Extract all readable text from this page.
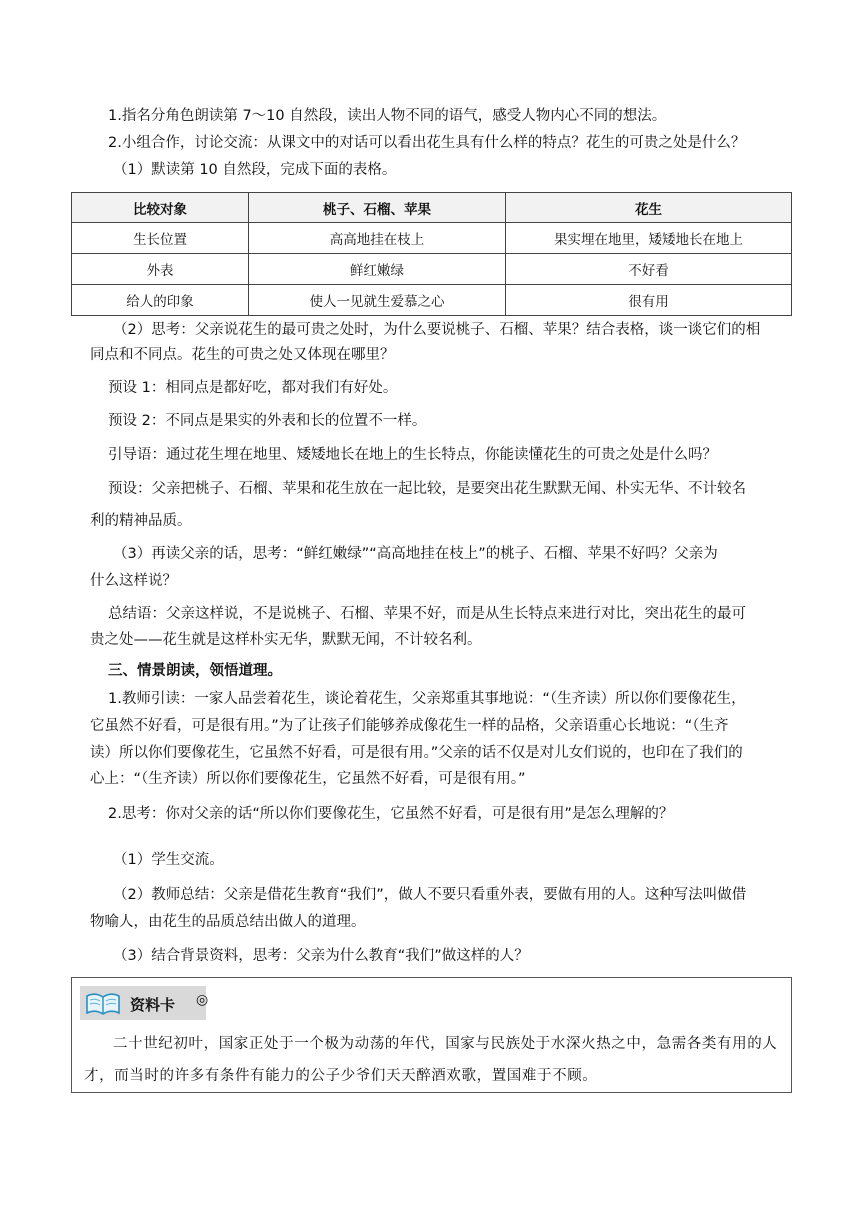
1.指名分角色朗读第 7～10 自然段，读出人物不同的语气，感受人物内心不同的想法。
2.小组合作，讨论交流：从课文中的对话可以看出花生具有什么样的特点？花生的可贵之处是什么？
（1）默读第 10 自然段，完成下面的表格。
比较对象	桃子、石榴、苹果	花生
生长位置	高高地挂在枝上	果实埋在地里，矮矮地长在地上
外表	鲜红嫩绿	不好看
给人的印象	使人一见就生爱慕之心	很有用
（2）思考：父亲说花生的最可贵之处时，为什么要说桃子、石榴、苹果？结合表格，谈一谈它们的相
同点和不同点。花生的可贵之处又体现在哪里？
预设 1：相同点是都好吃，都对我们有好处。
预设 2：不同点是果实的外表和长的位置不一样。
引导语：通过花生埋在地里、矮矮地长在地上的生长特点，你能读懂花生的可贵之处是什么吗？
预设：父亲把桃子、石榴、苹果和花生放在一起比较，是要突出花生默默无闻、朴实无华、不计较名
利的精神品质。
（3）再读父亲的话，思考：“鲜红嫩绿”“高高地挂在枝上”的桃子、石榴、苹果不好吗？父亲为
什么这样说？
总结语：父亲这样说，不是说桃子、石榴、苹果不好，而是从生长特点来进行对比，突出花生的最可
贵之处——花生就是这样朴实无华，默默无闻，不计较名利。
三、情景朗读，领悟道理。
1.教师引读：一家人品尝着花生，谈论着花生，父亲郑重其事地说：“（生齐读）所以你们要像花生，
它虽然不好看，可是很有用。”为了让孩子们能够养成像花生一样的品格，父亲语重心长地说：“（生齐
读）所以你们要像花生，它虽然不好看，可是很有用。”父亲的话不仅是对儿女们说的，也印在了我们的
心上：“（生齐读）所以你们要像花生，它虽然不好看，可是很有用。”
2.思考：你对父亲的话“所以你们要像花生，它虽然不好看，可是很有用”是怎么理解的？
（1）学生交流。
（2）教师总结：父亲是借花生教育“我们”，做人不要只看重外表，要做有用的人。这种写法叫做借
物喻人，由花生的品质总结出做人的道理。
（3）结合背景资料，思考：父亲为什么教育“我们”做这样的人？
资料卡 ◎
二十世纪初叶，国家正处于一个极为动荡的年代，国家与民族处于水深火热之中，急需各类有用的人才，而当时的许多有条件有能力的公子少爷们天天醉酒欢歌，置国难于不顾。
